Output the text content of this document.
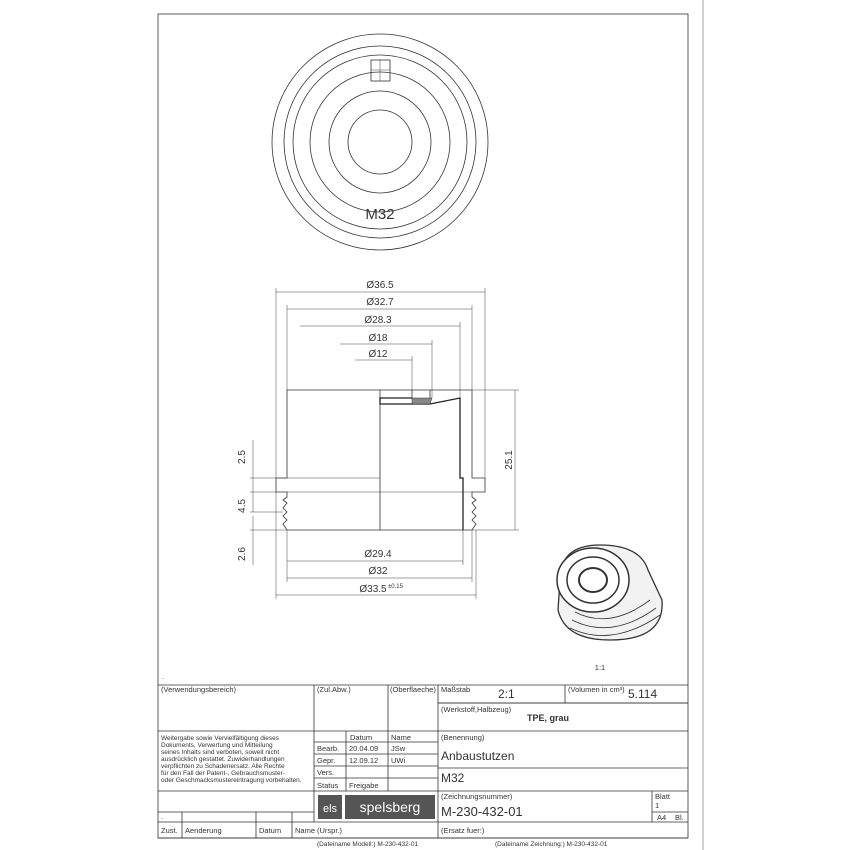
M32
Ø36.5
Ø32.7
Ø28.3
Ø18
Ø12
Ø29.4
Ø32
Ø33.5 ±0.15
25.1
2.5
4.5
2.6
1:1
.
(Verwendungsbereich)	(Zul.Abw.)	(Oberflaeche) Maßstab 2:1	(Volumen in cm³) 5.114
(Werkstoff,Halbzeug)
TPE, grau
Weitergabe sowie Vervielfältigung dieses
Dokuments, Verwertung und Mitteilung
seines Inhalts sind verboten, soweit nicht
ausdrücklich gestattet. Zuwiderhandlungen
verpflichten zu Schadenersatz. Alle Rechte
für den Fall der Patent-, Gebrauchsmuster-
oder Geschmacksmustereintragung vorbehalten.
Datum	Name
Bearb. 20.04.09 JSw
Gepr. 12.09.12 UWi
Vers.
Status Freigabe
(Benennung)
Anbaustutzen
M32
els spelsberg
(Zeichnungsnummer)
M-230-432-01
Blatt
1
A4 Bl.
.
Zust. Aenderung	Datum Name (Urspr.)	(Ersatz fuer:)
(Dateiname Modell:) M-230-432-01	(Dateiname Zeichnung:) M-230-432-01
